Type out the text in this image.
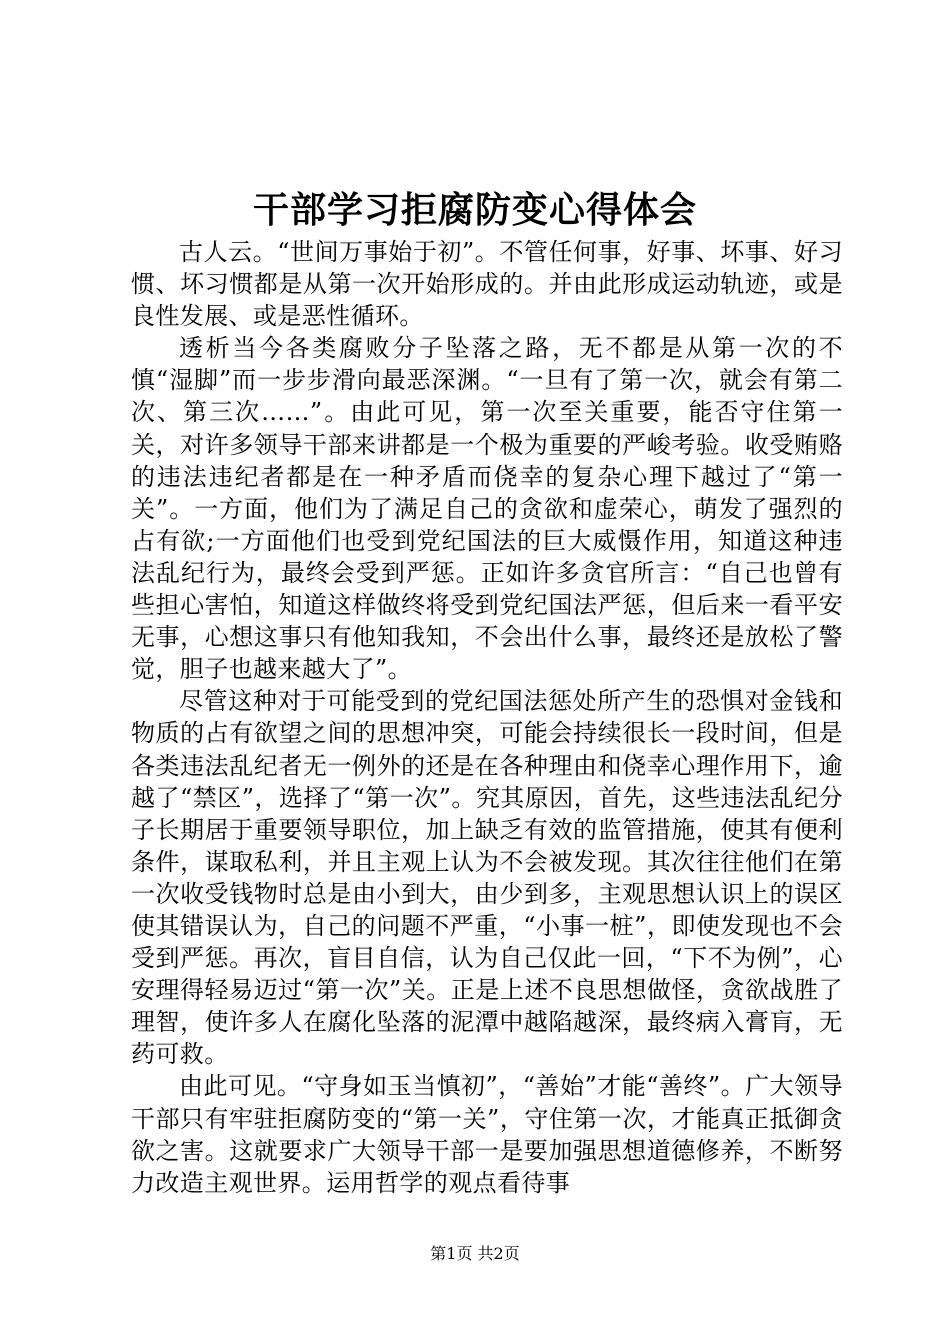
干部学习拒腐防变心得体会

古人云。“世间万事始于初”。不管任何事，好事、坏事、好习惯、坏习惯都是从第一次开始形成的。并由此形成运动轨迹，或是良性发展、或是恶性循环。

透析当今各类腐败分子坠落之路，无不都是从第一次的不慎“湿脚”而一步步滑向最恶深渊。“一旦有了第一次，就会有第二次、第三次……”。由此可见，第一次至关重要，能否守住第一关，对许多领导干部来讲都是一个极为重要的严峻考验。收受贿赂的违法违纪者都是在一种矛盾而侥幸的复杂心理下越过了“第一关”。一方面，他们为了满足自己的贪欲和虚荣心，萌发了强烈的占有欲;一方面他们也受到党纪国法的巨大威慑作用，知道这种违法乱纪行为，最终会受到严惩。正如许多贪官所言：“自己也曾有些担心害怕，知道这样做终将受到党纪国法严惩，但后来一看平安无事，心想这事只有他知我知，不会出什么事，最终还是放松了警觉，胆子也越来越大了”。

尽管这种对于可能受到的党纪国法惩处所产生的恐惧对金钱和物质的占有欲望之间的思想冲突，可能会持续很长一段时间，但是各类违法乱纪者无一例外的还是在各种理由和侥幸心理作用下，逾越了“禁区”，选择了“第一次”。究其原因，首先，这些违法乱纪分子长期居于重要领导职位，加上缺乏有效的监管措施，使其有便利条件，谋取私利，并且主观上认为不会被发现。其次往往他们在第一次收受钱物时总是由小到大，由少到多，主观思想认识上的误区使其错误认为，自己的问题不严重，“小事一桩”，即使发现也不会受到严惩。再次，盲目自信，认为自己仅此一回，“下不为例”，心安理得轻易迈过“第一次”关。正是上述不良思想做怪，贪欲战胜了理智，使许多人在腐化坠落的泥潭中越陷越深，最终病入膏肓，无药可救。

由此可见。“守身如玉当慎初”，“善始”才能“善终”。广大领导干部只有牢驻拒腐防变的“第一关”，守住第一次，才能真正抵御贪欲之害。这就要求广大领导干部一是要加强思想道德修养，不断努力改造主观世界。运用哲学的观点看待事

第1页 共2页
